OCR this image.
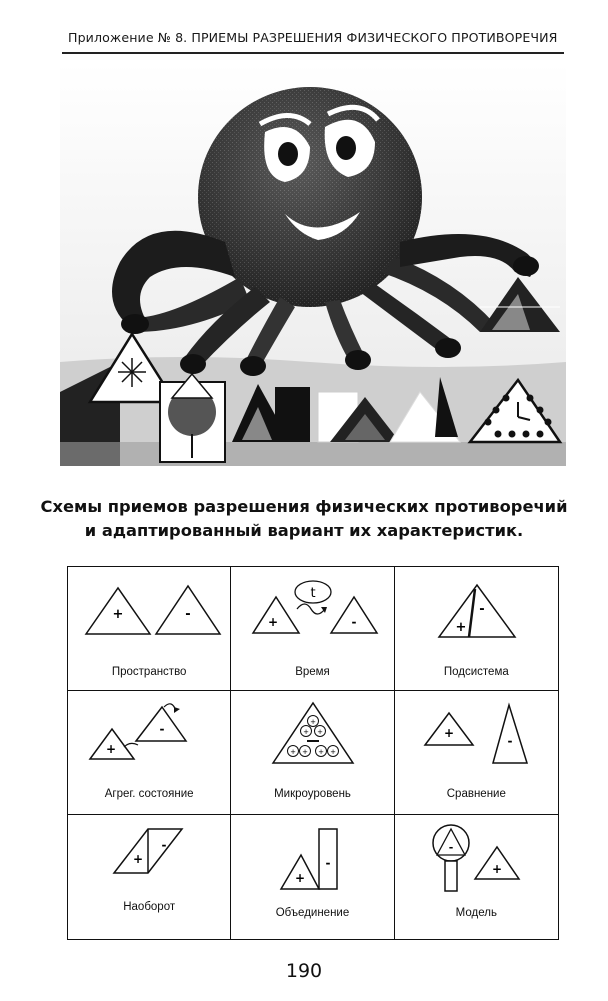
Приложение № 8. ПРИЕМЫ РАЗРЕШЕНИЯ ФИЗИЧЕСКОГО ПРОТИВОРЕЧИЯ
Схемы приемов разрешения физических противоречий
и адаптированный вариант их характеристик.
+	-
Пространство
t
+	-
Время
+
-
Подсистема
+
-
Агрег. состояние
+
+ +
+ + + +
Микроуровень
+
-
Сравнение
+
-
Наоборот
+
-
Объединение
-
+
Модель
190
